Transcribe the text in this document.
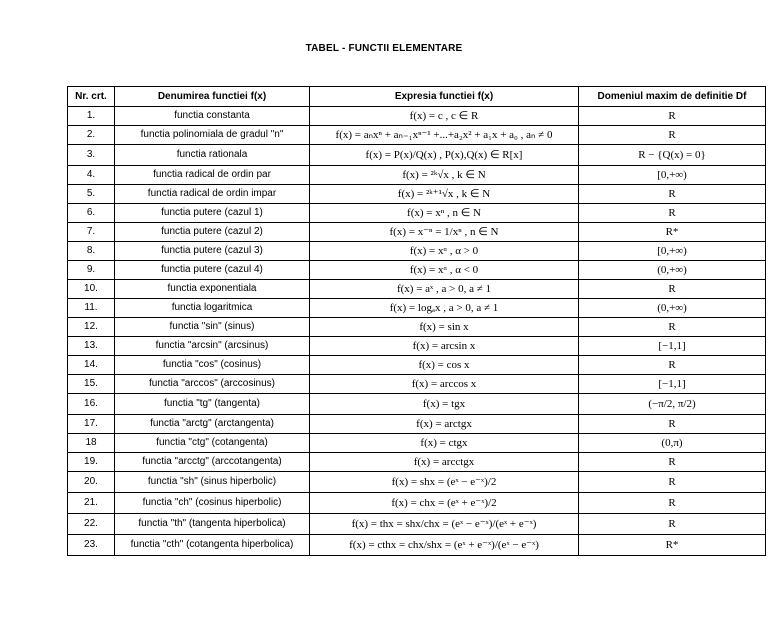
TABEL - FUNCTII ELEMENTARE
Nr. crt.	Denumirea functiei f(x)	Expresia functiei f(x)	Domeniul maxim de definitie Df
1.	functia constanta	f(x) = c , c ∈ R	R
2.	functia polinomiala de gradul "n"	f(x) = aₙxⁿ + aₙ₋₁xⁿ⁻¹ +...+a₂x² + a₁x + a₀ , aₙ ≠ 0	R
3.	functia rationala	f(x) = P(x)/Q(x) , P(x),Q(x) ∈ R[x]	R − {Q(x) = 0}
4.	functia radical de ordin par	f(x) = ²ᵏ√x , k ∈ N	[0,+∞)
5.	functia radical de ordin impar	f(x) = ²ᵏ⁺¹√x , k ∈ N	R
6.	functia putere (cazul 1)	f(x) = xⁿ , n ∈ N	R
7.	functia putere (cazul 2)	f(x) = x⁻ⁿ = 1/xⁿ , n ∈ N	R*
8.	functia putere (cazul 3)	f(x) = xᵅ , α > 0	[0,+∞)
9.	functia putere (cazul 4)	f(x) = xᵅ , α < 0	(0,+∞)
10.	functia exponentiala	f(x) = aˣ , a > 0, a ≠ 1	R
11.	functia logaritmica	f(x) = logₐx , a > 0, a ≠ 1	(0,+∞)
12.	functia "sin" (sinus)	f(x) = sin x	R
13.	functia "arcsin" (arcsinus)	f(x) = arcsin x	[−1,1]
14.	functia "cos" (cosinus)	f(x) = cos x	R
15.	functia "arccos" (arccosinus)	f(x) = arccos x	[−1,1]
16.	functia "tg" (tangenta)	f(x) = tgx	(−π/2, π/2)
17.	functia "arctg" (arctangenta)	f(x) = arctgx	R
18	functia "ctg" (cotangenta)	f(x) = ctgx	(0,π)
19.	functia "arcctg" (arccotangenta)	f(x) = arcctgx	R
20.	functia "sh" (sinus hiperbolic)	f(x) = shx = (eˣ − e⁻ˣ)/2	R
21.	functia "ch" (cosinus hiperbolic)	f(x) = chx = (eˣ + e⁻ˣ)/2	R
22.	functia "th" (tangenta hiperbolica)	f(x) = thx = shx/chx = (eˣ − e⁻ˣ)/(eˣ + e⁻ˣ)	R
23.	functia "cth" (cotangenta hiperbolica)	f(x) = cthx = chx/shx = (eˣ + e⁻ˣ)/(eˣ − e⁻ˣ)	R*
